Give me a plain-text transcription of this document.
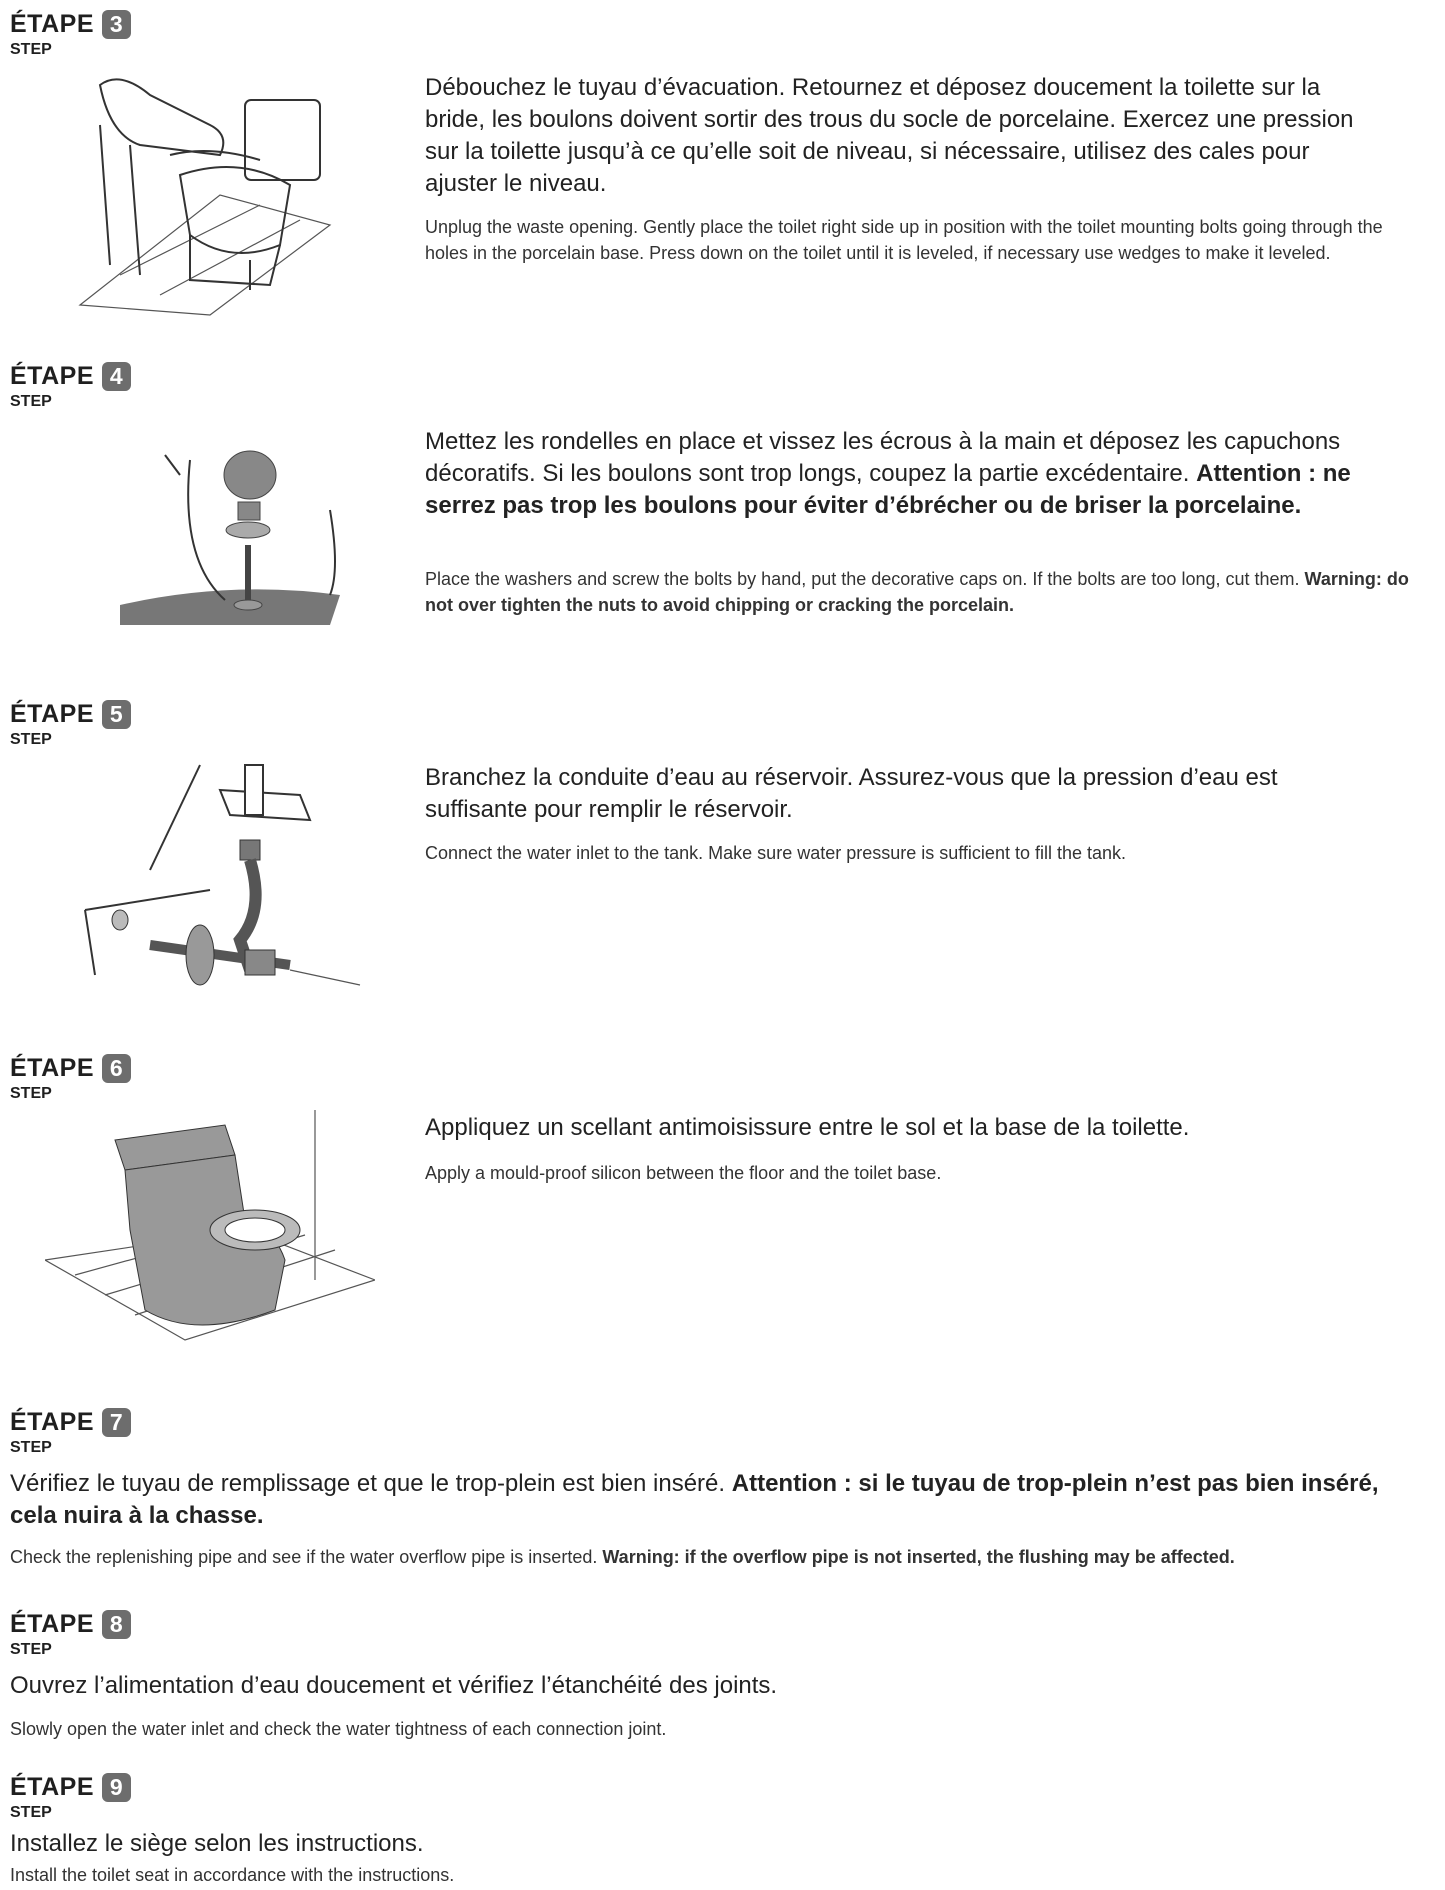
ÉTAPE 3
STEP
Débouchez le tuyau d’évacuation. Retournez et déposez doucement la toilette sur la bride, les boulons doivent sortir des trous du socle de porcelaine. Exercez une pression sur la toilette jusqu’à ce qu’elle soit de niveau, si nécessaire, utilisez des cales pour ajuster le niveau.
Unplug the waste opening. Gently place the toilet right side up in position with the toilet mounting bolts going through the holes in the porcelain base. Press down on the toilet until it is leveled, if necessary use wedges to make it leveled.
ÉTAPE 4
STEP
Mettez les rondelles en place et vissez les écrous à la main et déposez les capuchons décoratifs. Si les boulons sont trop longs, coupez la partie excédentaire. Attention : ne serrez pas trop les boulons pour éviter d’ébrécher ou de briser la porcelaine.
Place the washers and screw the bolts by hand, put the decorative caps on. If the bolts are too long, cut them. Warning: do not over tighten the nuts to avoid chipping or cracking the porcelain.
ÉTAPE 5
STEP
Branchez la conduite d’eau au réservoir. Assurez-vous que la pression d’eau est suffisante pour remplir le réservoir.
Connect the water inlet to the tank. Make sure water pressure is sufficient to fill the tank.
ÉTAPE 6
STEP
Appliquez un scellant antimoisissure entre le sol et la base de la toilette.
Apply a mould-proof silicon between the floor and the toilet base.
ÉTAPE 7
STEP
Vérifiez le tuyau de remplissage et que le trop-plein est bien inséré. Attention : si le tuyau de trop-plein n’est pas bien inséré, cela nuira à la chasse.
Check the replenishing pipe and see if the water overflow pipe is inserted. Warning: if the overflow pipe is not inserted, the flushing may be affected.
ÉTAPE 8
STEP
Ouvrez l’alimentation d’eau doucement et vérifiez l’étanchéité des joints.
Slowly open the water inlet and check the water tightness of each connection joint.
ÉTAPE 9
STEP
Installez le siège selon les instructions.
Install the toilet seat in accordance with the instructions.
